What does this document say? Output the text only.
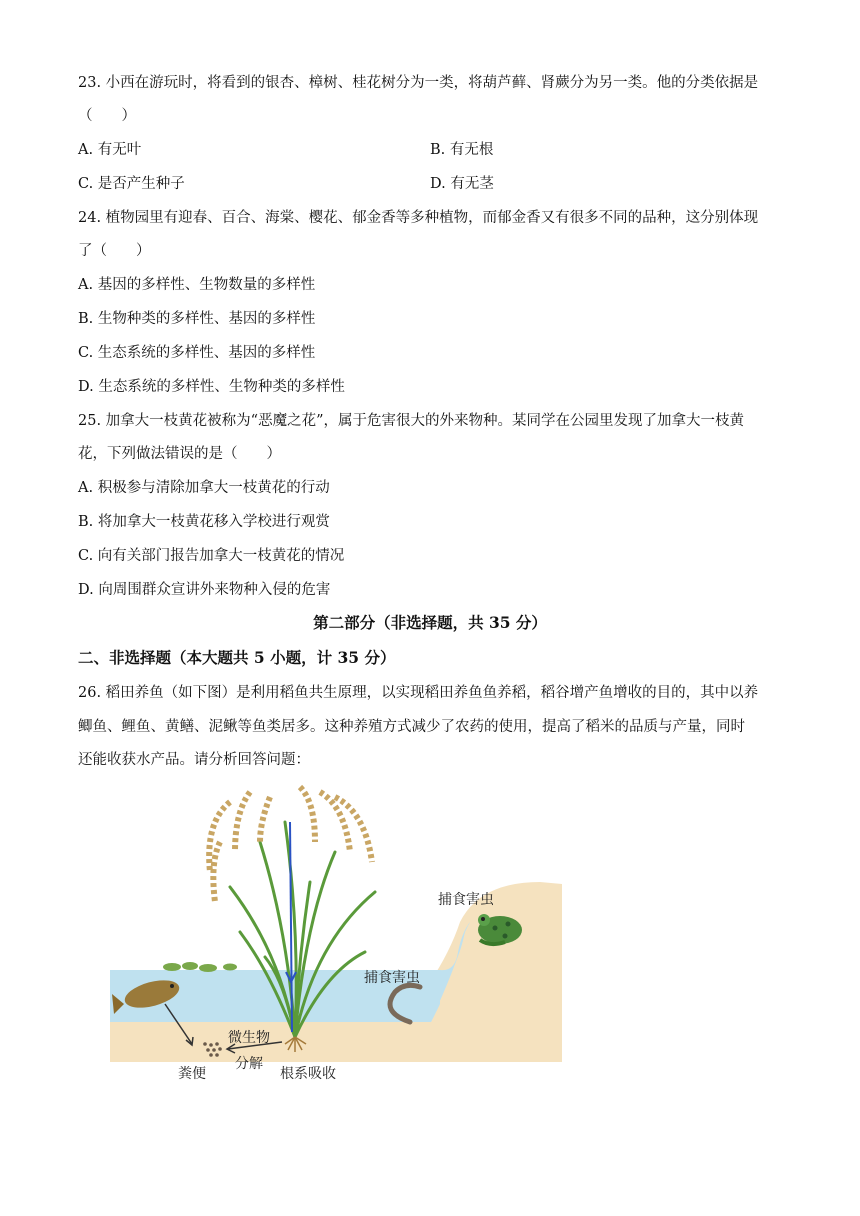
23. 小西在游玩时，将看到的银杏、樟树、桂花树分为一类，将葫芦藓、肾蕨分为另一类。他的分类依据是
（　　）
A. 有无叶	B. 有无根
C. 是否产生种子	D. 有无茎
24. 植物园里有迎春、百合、海棠、樱花、郁金香等多种植物，而郁金香又有很多不同的品种，这分别体现
了（　　）
A. 基因的多样性、生物数量的多样性
B. 生物种类的多样性、基因的多样性
C. 生态系统的多样性、基因的多样性
D. 生态系统的多样性、生物种类的多样性
25. 加拿大一枝黄花被称为“恶魔之花”，属于危害很大的外来物种。某同学在公园里发现了加拿大一枝黄
花，下列做法错误的是（　　）
A. 积极参与清除加拿大一枝黄花的行动
B. 将加拿大一枝黄花移入学校进行观赏
C. 向有关部门报告加拿大一枝黄花的情况
D. 向周围群众宣讲外来物种入侵的危害
第二部分（非选择题，共 35 分）
二、非选择题（本大题共 5 小题，计 35 分）
26. 稻田养鱼（如下图）是利用稻鱼共生原理，以实现稻田养鱼鱼养稻，稻谷增产鱼增收的目的，其中以养
鲫鱼、鲤鱼、黄鳝、泥鳅等鱼类居多。这种养殖方式减少了农药的使用，提高了稻米的品质与产量，同时
还能收获水产品。请分析回答问题：
捕食害虫
捕食害虫
微生物
分解
粪便	根系吸收
